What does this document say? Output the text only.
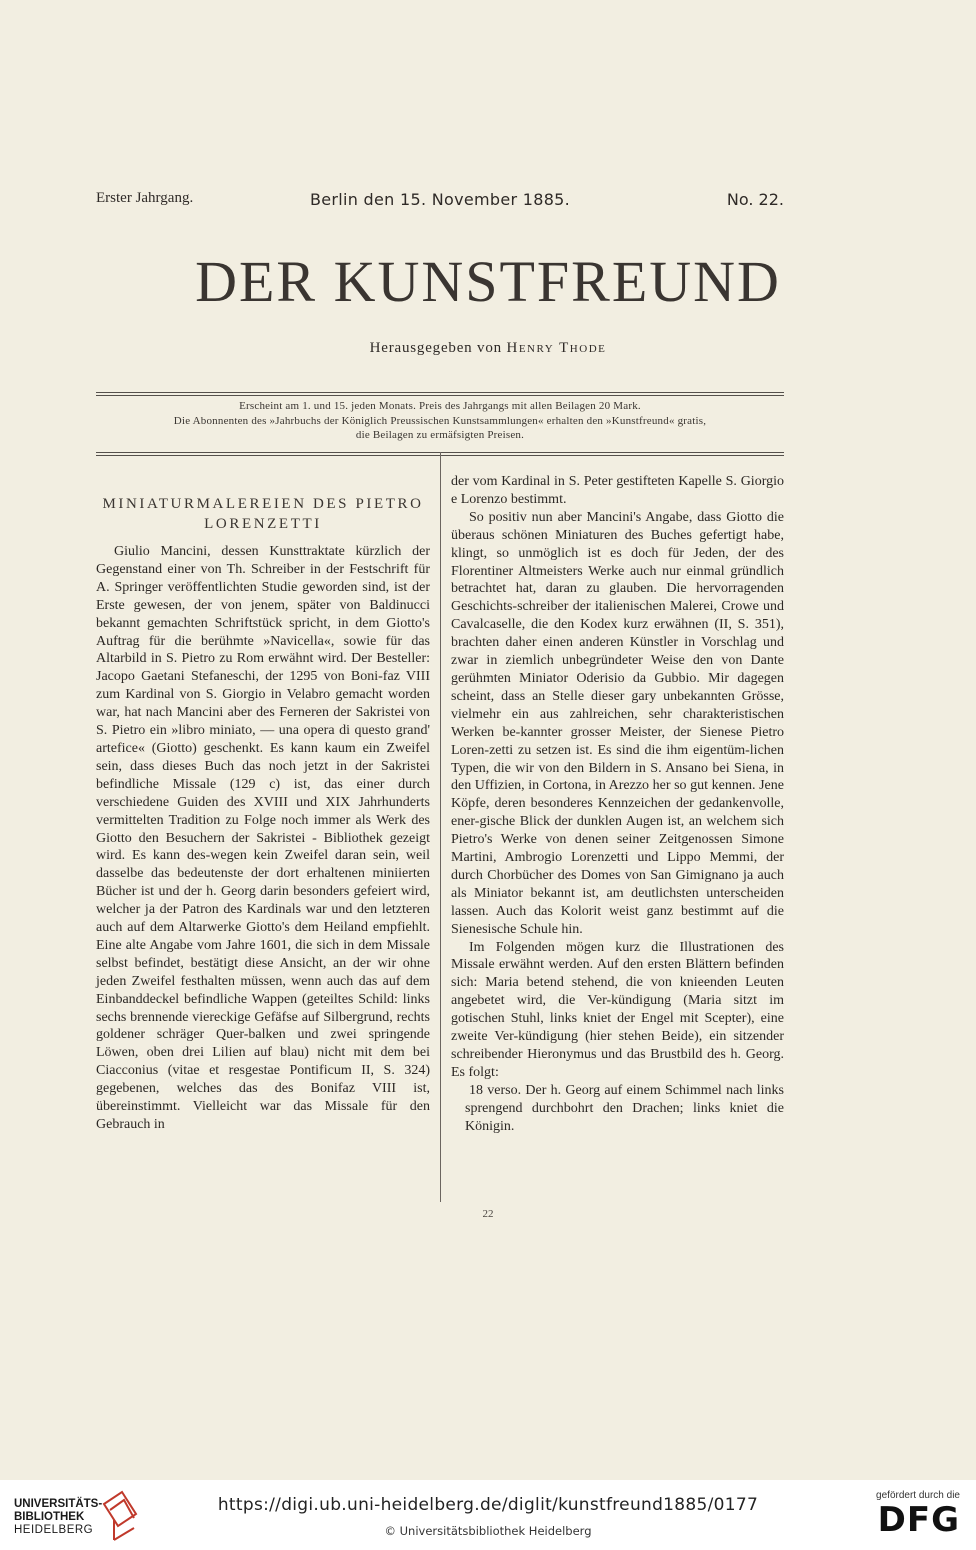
Erster Jahrgang.	Berlin den 15. November 1885.	No. 22.
DER KUNSTFREUND
Herausgegeben von Henry Thode
Erscheint am 1. und 15. jeden Monats. Preis des Jahrgangs mit allen Beilagen 20 Mark.
Die Abonnenten des »Jahrbuchs der Königlich Preussischen Kunstsammlungen« erhalten den »Kunstfreund« gratis,
die Beilagen zu ermäfsigten Preisen.
MINIATURMALEREIEN DES PIETRO LORENZETTI

Giulio Mancini, dessen Kunsttraktate kürzlich der Gegenstand einer von Th. Schreiber in der Festschrift für A. Springer veröffentlichten Studie geworden sind, ist der Erste gewesen, der von jenem, später von Baldinucci bekannt gemachten Schriftstück spricht, in dem Giotto's Auftrag für die berühmte »Navicella«, sowie für das Altarbild in S. Pietro zu Rom erwähnt wird. Der Besteller: Jacopo Gaetani Stefaneschi, der 1295 von Boni-faz VIII zum Kardinal von S. Giorgio in Velabro gemacht worden war, hat nach Mancini aber des Ferneren der Sakristei von S. Pietro ein »libro miniato, — una opera di questo grand' artefice« (Giotto) geschenkt. Es kann kaum ein Zweifel sein, dass dieses Buch das noch jetzt in der Sakristei befindliche Missale (129 c) ist, das einer durch verschiedene Guiden des XVIII und XIX Jahrhunderts vermittelten Tradition zu Folge noch immer als Werk des Giotto den Besuchern der Sakristei - Bibliothek gezeigt wird. Es kann des-wegen kein Zweifel daran sein, weil dasselbe das bedeutenste der dort erhaltenen miniierten Bücher ist und der h. Georg darin besonders gefeiert wird, welcher ja der Patron des Kardinals war und den letzteren auch auf dem Altarwerke Giotto's dem Heiland empfiehlt. Eine alte Angabe vom Jahre 1601, die sich in dem Missale selbst befindet, bestätigt diese Ansicht, an der wir ohne jeden Zweifel festhalten müssen, wenn auch das auf dem Einbanddeckel befindliche Wappen (geteiltes Schild: links sechs brennende viereckige Gefäfse auf Silbergrund, rechts goldener schräger Quer-balken und zwei springende Löwen, oben drei Lilien auf blau) nicht mit dem bei Ciacconius (vitae et resgestae Pontificum II, S. 324) gegebenen, welches das des Bonifaz VIII ist, übereinstimmt. Vielleicht war das Missale für den Gebrauch in

der vom Kardinal in S. Peter gestifteten Kapelle S. Giorgio e Lorenzo bestimmt.

So positiv nun aber Mancini's Angabe, dass Giotto die überaus schönen Miniaturen des Buches gefertigt habe, klingt, so unmöglich ist es doch für Jeden, der des Florentiner Altmeisters Werke auch nur einmal gründlich betrachtet hat, daran zu glauben. Die hervorragenden Geschichts-schreiber der italienischen Malerei, Crowe und Cavalcaselle, die den Kodex kurz erwähnen (II, S. 351), brachten daher einen anderen Künstler in Vorschlag und zwar in ziemlich unbegründeter Weise den von Dante gerühmten Miniator Oderisio da Gubbio. Mir dagegen scheint, dass an Stelle dieser gary unbekannten Grösse, vielmehr ein aus zahlreichen, sehr charakteristischen Werken be-kannter grosser Meister, der Sienese Pietro Loren-zetti zu setzen ist. Es sind die ihm eigentüm-lichen Typen, die wir von den Bildern in S. Ansano bei Siena, in den Uffizien, in Cortona, in Arezzo her so gut kennen. Jene Köpfe, deren besonderes Kennzeichen der gedankenvolle, ener-gische Blick der dunklen Augen ist, an welchem sich Pietro's Werke von denen seiner Zeitgenossen Simone Martini, Ambrogio Lorenzetti und Lippo Memmi, der durch Chorbücher des Domes von San Gimignano ja auch als Miniator bekannt ist, am deutlichsten unterscheiden lassen. Auch das Kolorit weist ganz bestimmt auf die Sienesische Schule hin.

Im Folgenden mögen kurz die Illustrationen des Missale erwähnt werden. Auf den ersten Blättern befinden sich: Maria betend stehend, die von knieenden Leuten angebetet wird, die Ver-kündigung (Maria sitzt im gotischen Stuhl, links kniet der Engel mit Scepter), eine zweite Ver-kündigung (hier stehen Beide), ein sitzender schreibender Hieronymus und das Brustbild des h. Georg. Es folgt:

18 verso. Der h. Georg auf einem Schimmel nach links sprengend durchbohrt den Drachen; links kniet die Königin.

22
UNIVERSITÄTS-
BIBLIOTHEK
HEIDELBERG
https://digi.ub.uni-heidelberg.de/diglit/kunstfreund1885/0177
© Universitätsbibliothek Heidelberg
gefördert durch die
DFG
